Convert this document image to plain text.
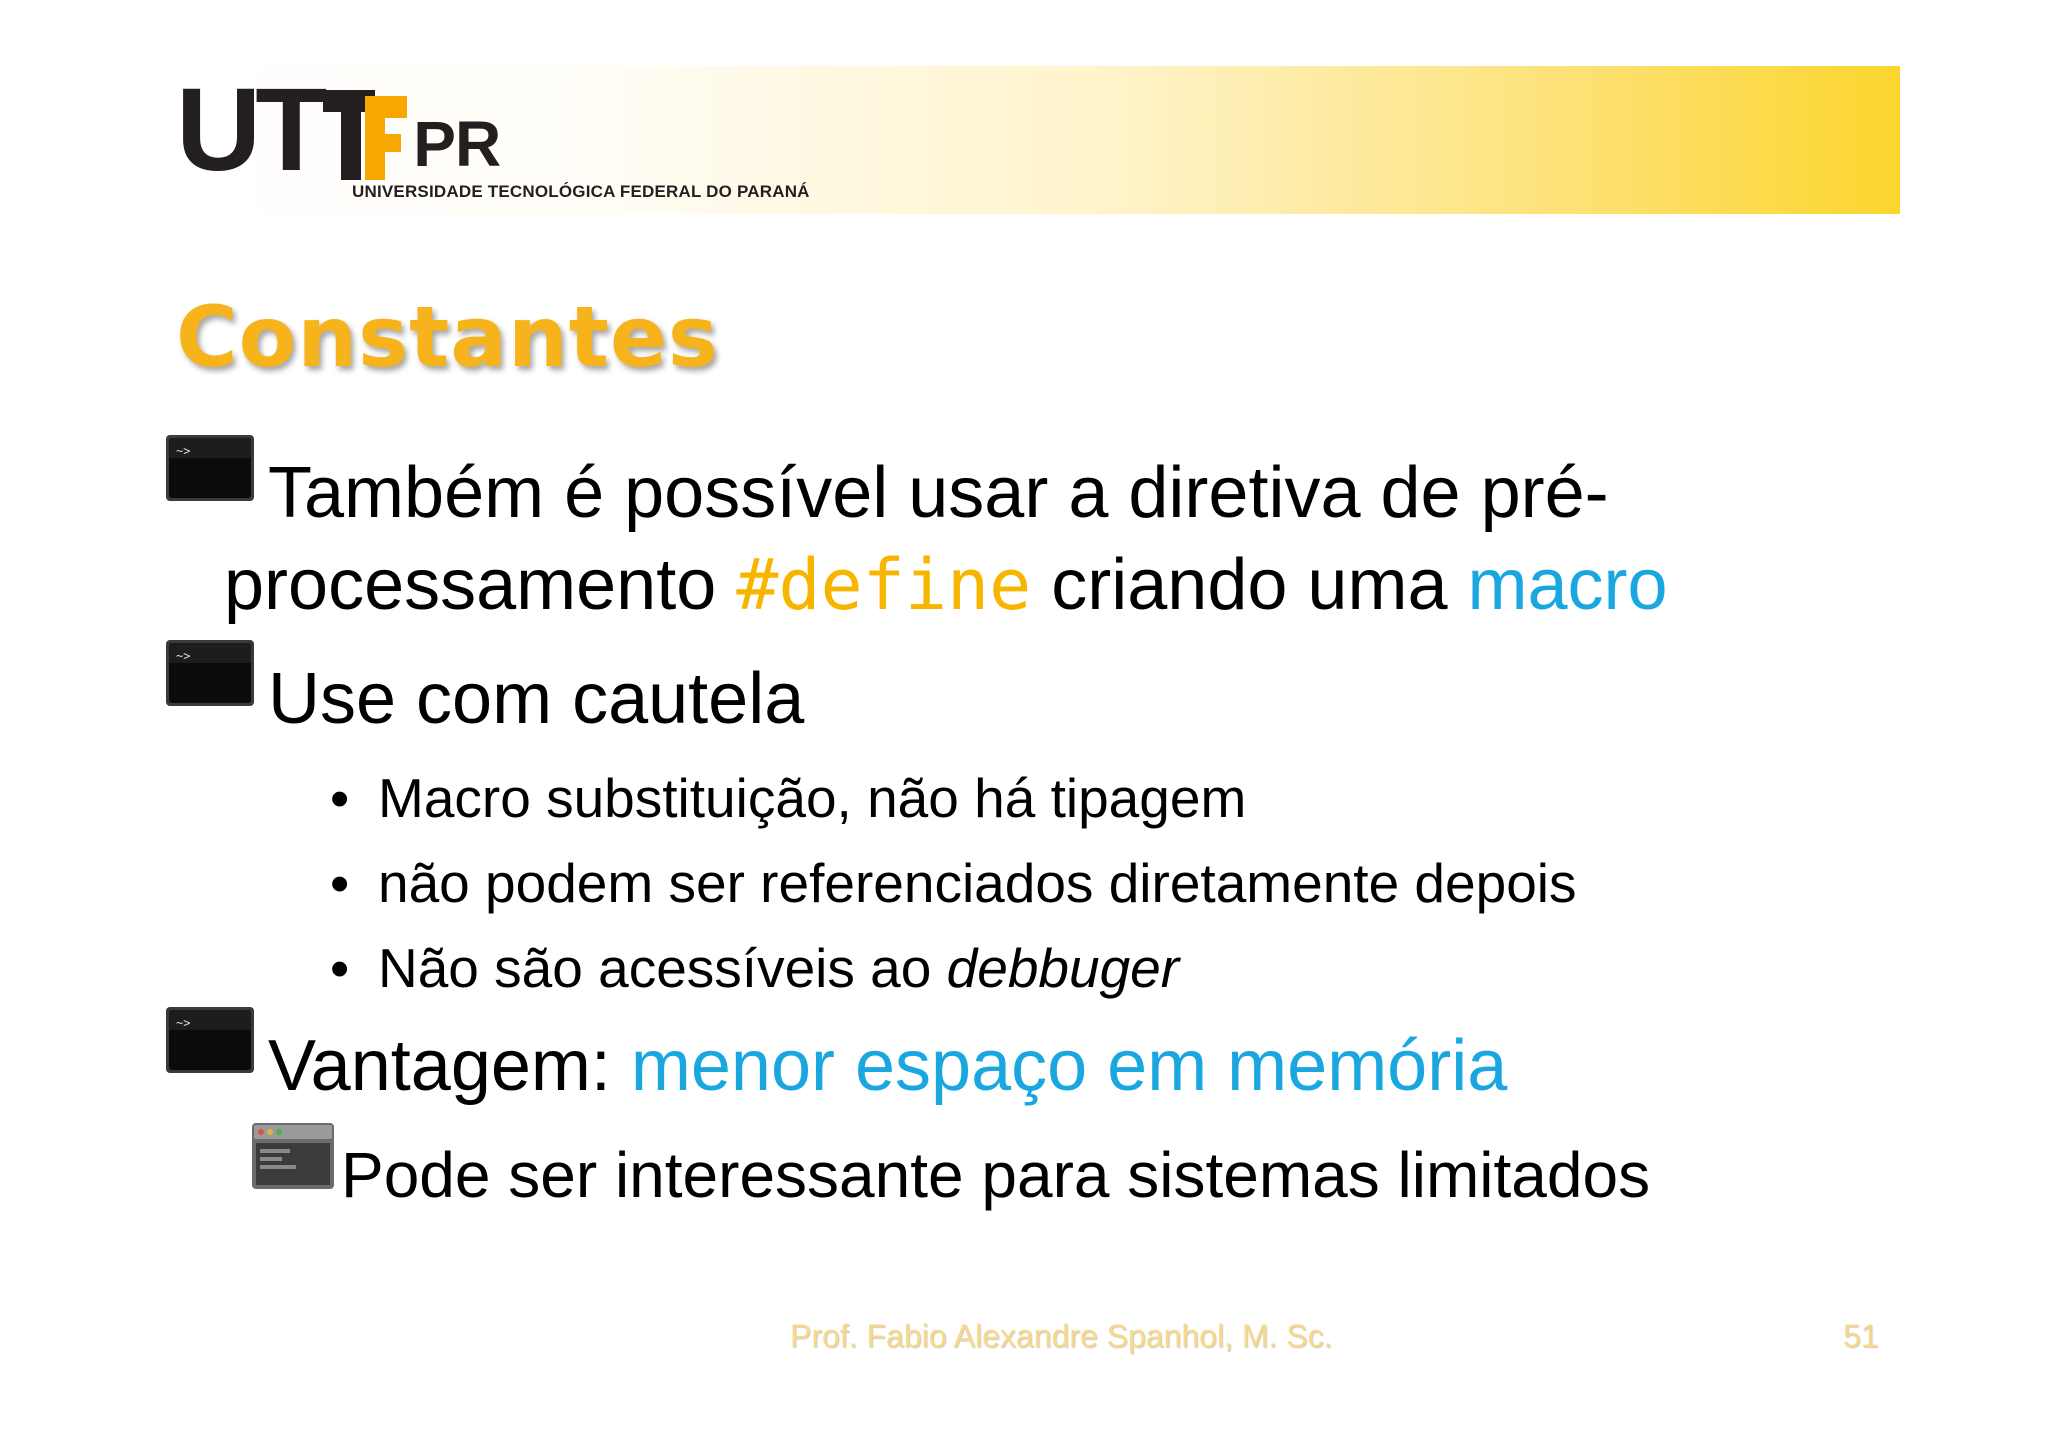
UT PR
UNIVERSIDADE TECNOLÓGICA FEDERAL DO PARANÁ
Constantes
~>
Também é possível usar a diretiva de pré-
processamento #define criando uma macro
~>
Use com cautela
• Macro substituição, não há tipagem
• não podem ser referenciados diretamente depois
• Não são acessíveis ao debbuger
~>
Vantagem: menor espaço em memória
Pode ser interessante para sistemas limitados
Prof. Fabio Alexandre Spanhol, M. Sc.	51
